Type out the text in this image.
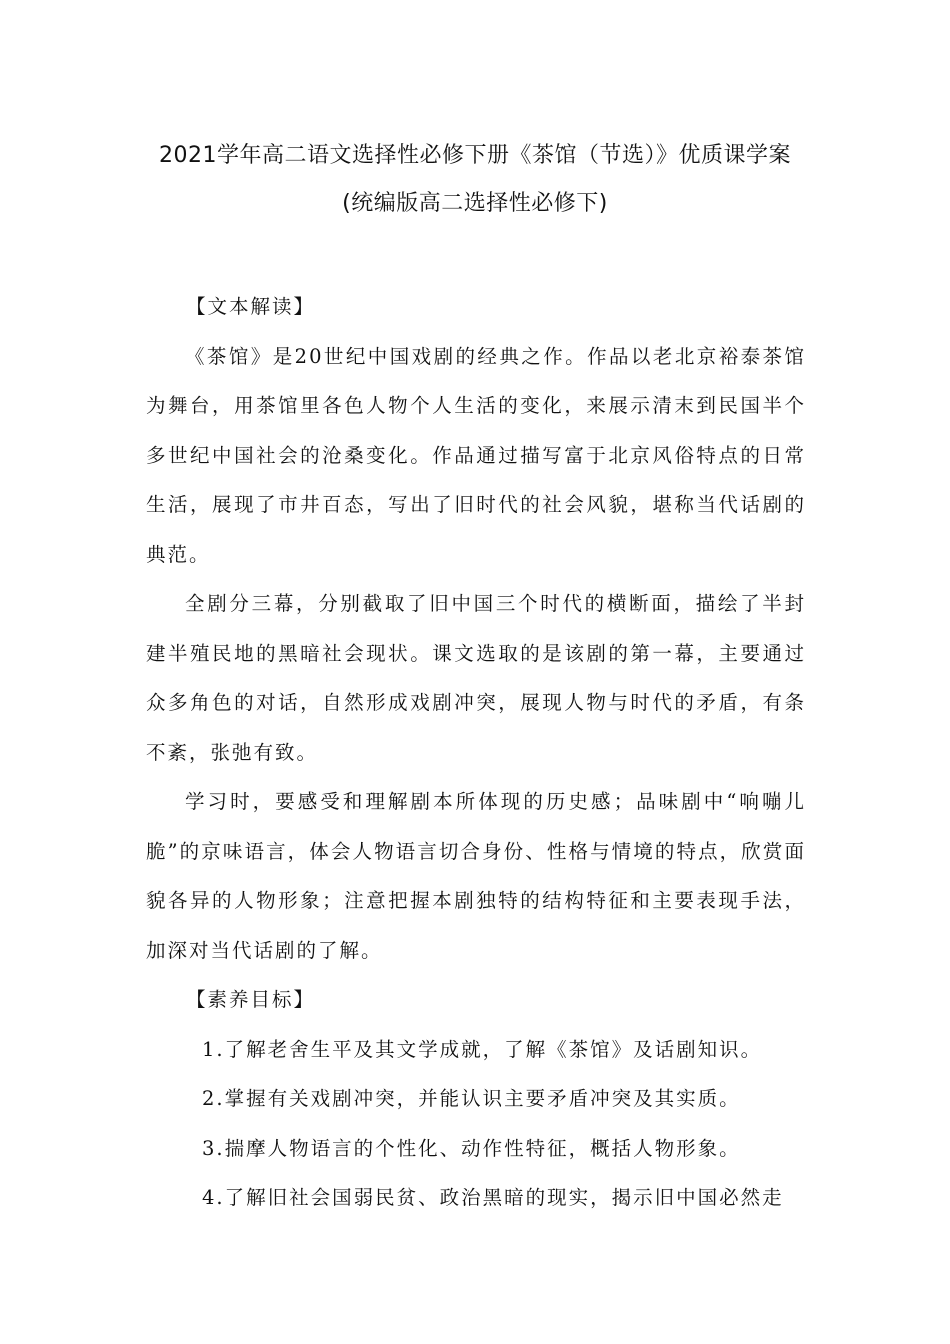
2021学年高二语文选择性必修下册《茶馆（节选）》优质课学案
(统编版高二选择性必修下)

【文本解读】

《茶馆》是20世纪中国戏剧的经典之作。作品以老北京裕泰茶馆为舞台，用茶馆里各色人物个人生活的变化，来展示清末到民国半个多世纪中国社会的沧桑变化。作品通过描写富于北京风俗特点的日常生活，展现了市井百态，写出了旧时代的社会风貌，堪称当代话剧的典范。

全剧分三幕，分别截取了旧中国三个时代的横断面，描绘了半封建半殖民地的黑暗社会现状。课文选取的是该剧的第一幕，主要通过众多角色的对话，自然形成戏剧冲突，展现人物与时代的矛盾，有条不紊，张弛有致。

学习时，要感受和理解剧本所体现的历史感；品味剧中“响嘣儿脆”的京味语言，体会人物语言切合身份、性格与情境的特点，欣赏面貌各异的人物形象；注意把握本剧独特的结构特征和主要表现手法，加深对当代话剧的了解。

【素养目标】

1.了解老舍生平及其文学成就，了解《茶馆》及话剧知识。

2.掌握有关戏剧冲突，并能认识主要矛盾冲突及其实质。

3.揣摩人物语言的个性化、动作性特征，概括人物形象。

4.了解旧社会国弱民贫、政治黑暗的现实，揭示旧中国必然走
